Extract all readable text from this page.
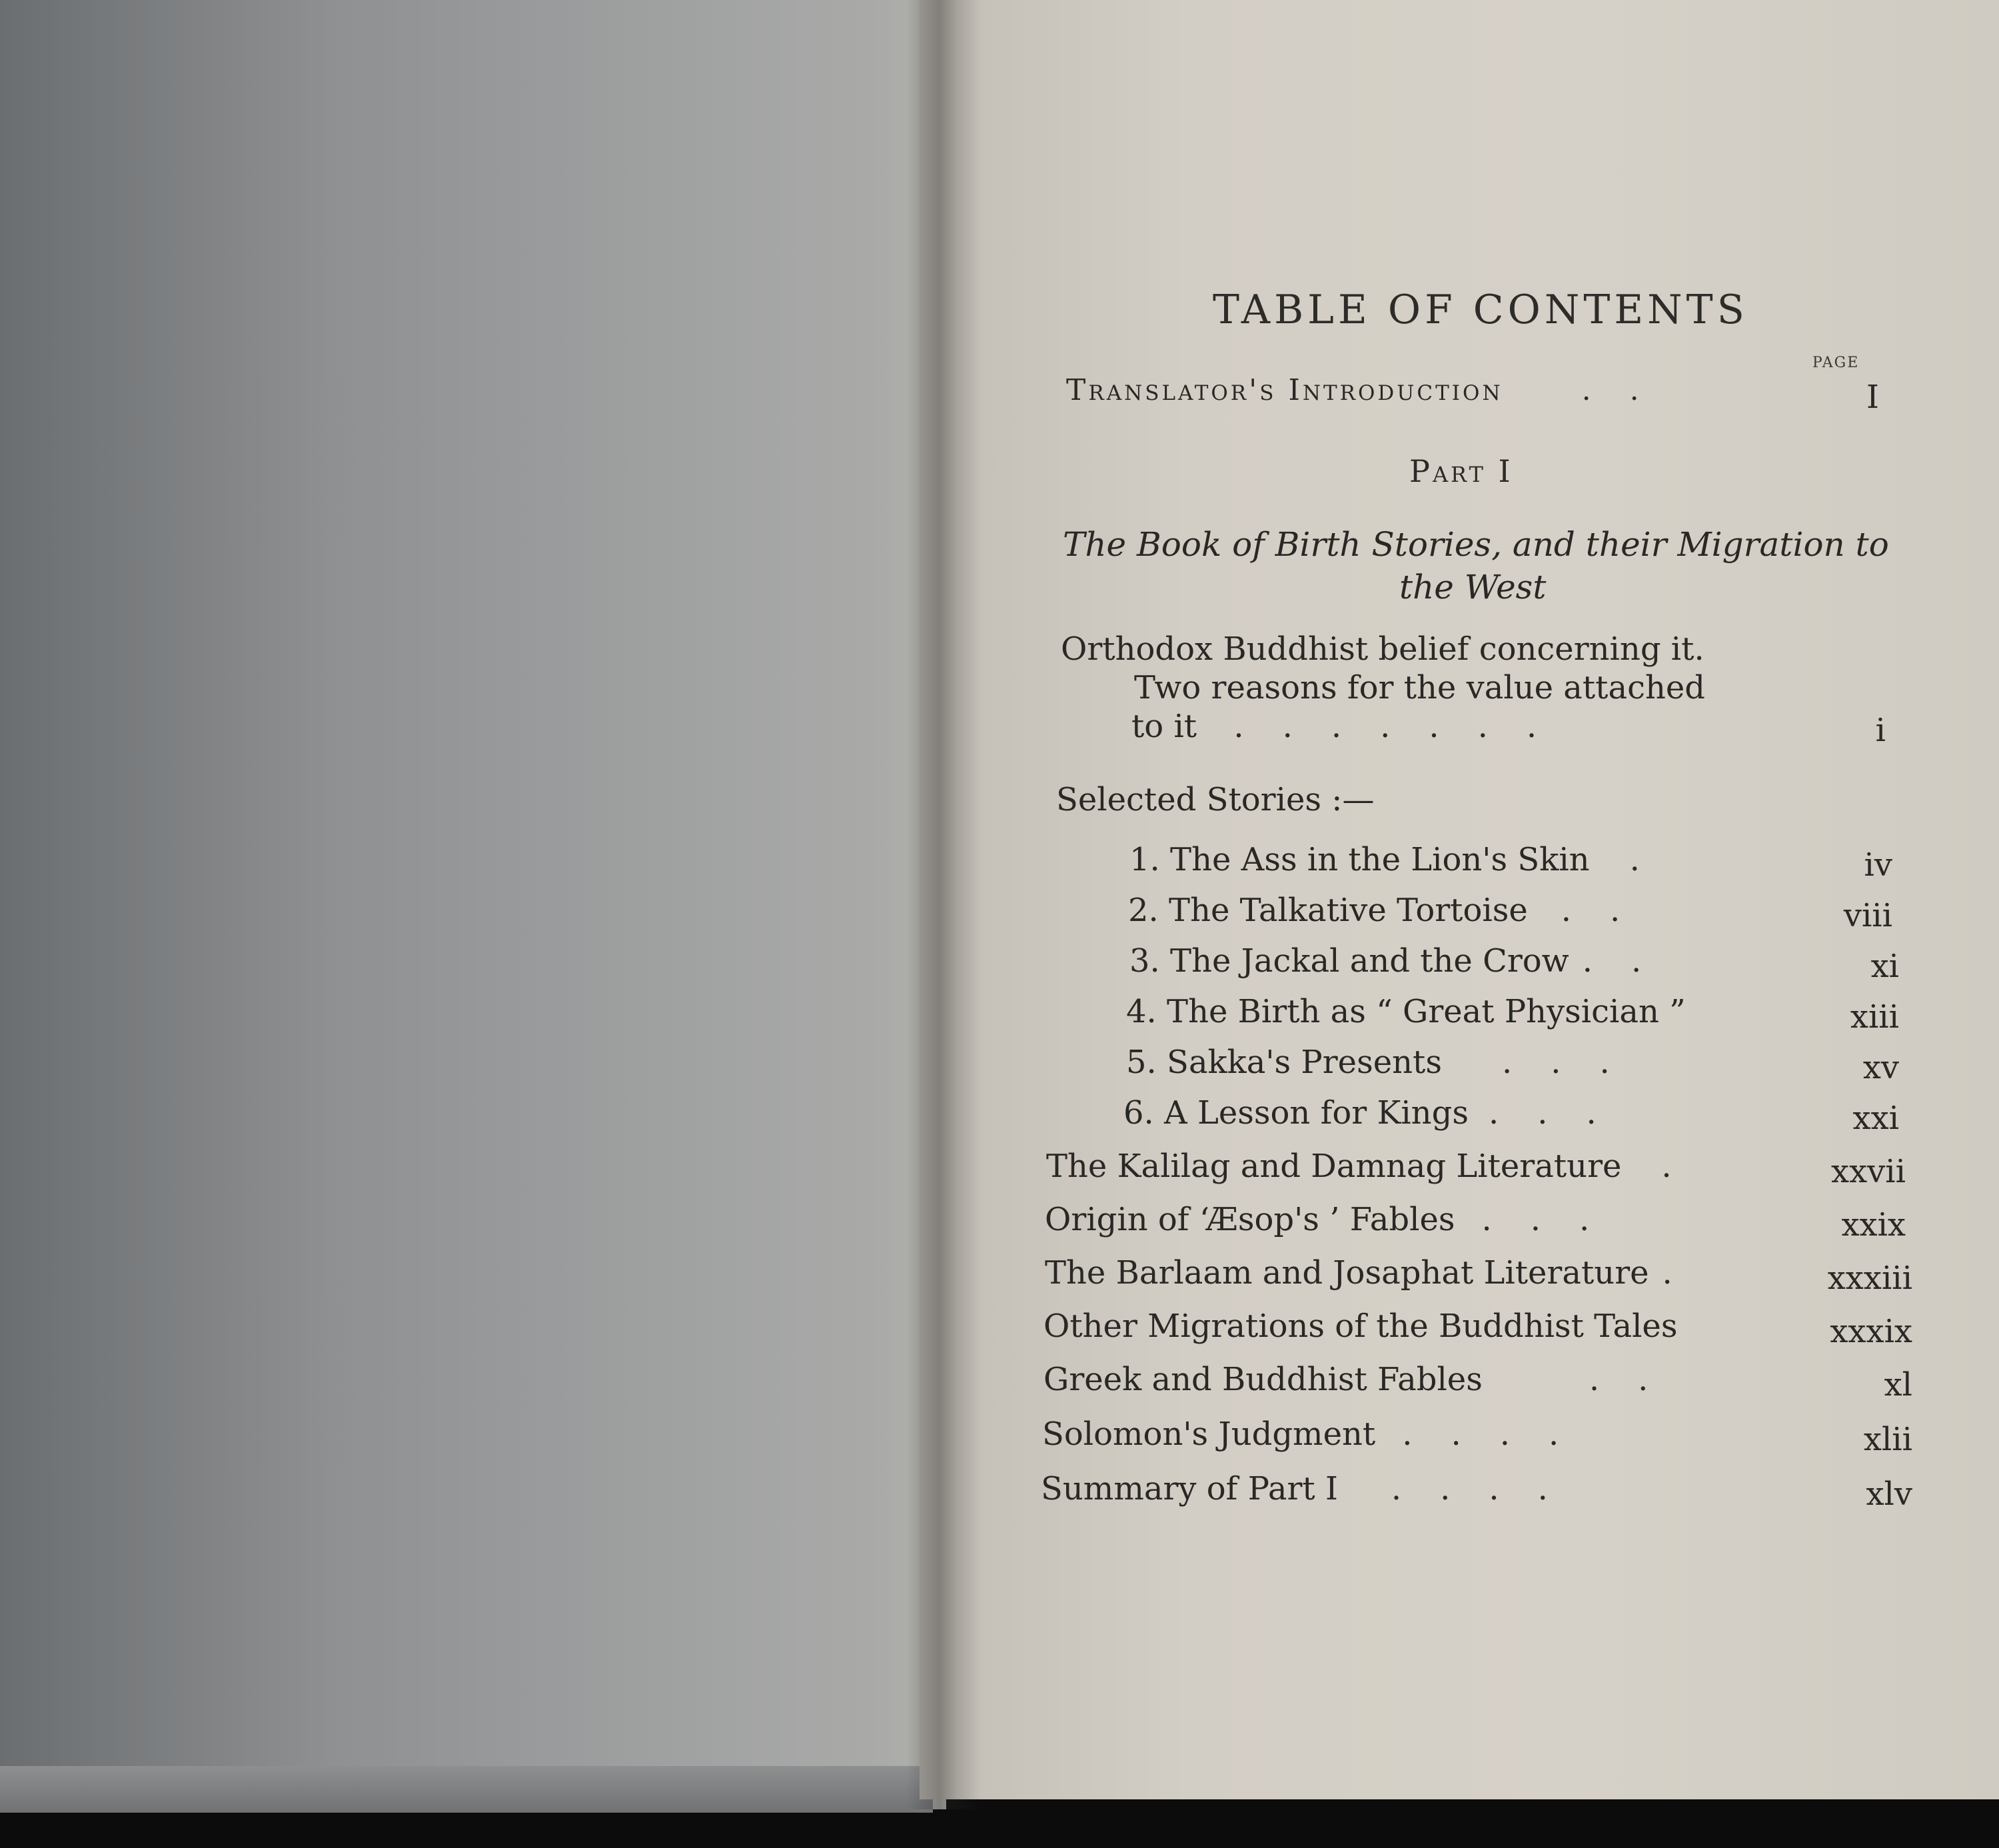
TABLE OF CONTENTS
PAGE
Translator's Introduction	..	I
Part I
The Book of Birth Stories, and their Migration to
the West
Orthodox Buddhist belief concerning it.
Two reasons for the value attached
to it .......	i
Selected Stories :—
1. The Ass in the Lion's Skin .	iv
2. The Talkative Tortoise ..	viii
3. The Jackal and the Crow ..	xi
4. The Birth as “ Great Physician ”	xiii
5. Sakka's Presents ...	xv
6. A Lesson for Kings ...	xxi
The Kalilag and Damnag Literature .	xxvii
Origin of ‘Æsop's ’ Fables ...	xxix
The Barlaam and Josaphat Literature .	xxxiii
Other Migrations of the Buddhist Tales	xxxix
Greek and Buddhist Fables	..	xl
Solomon's Judgment ....	xlii
Summary of Part I ....	xlv
